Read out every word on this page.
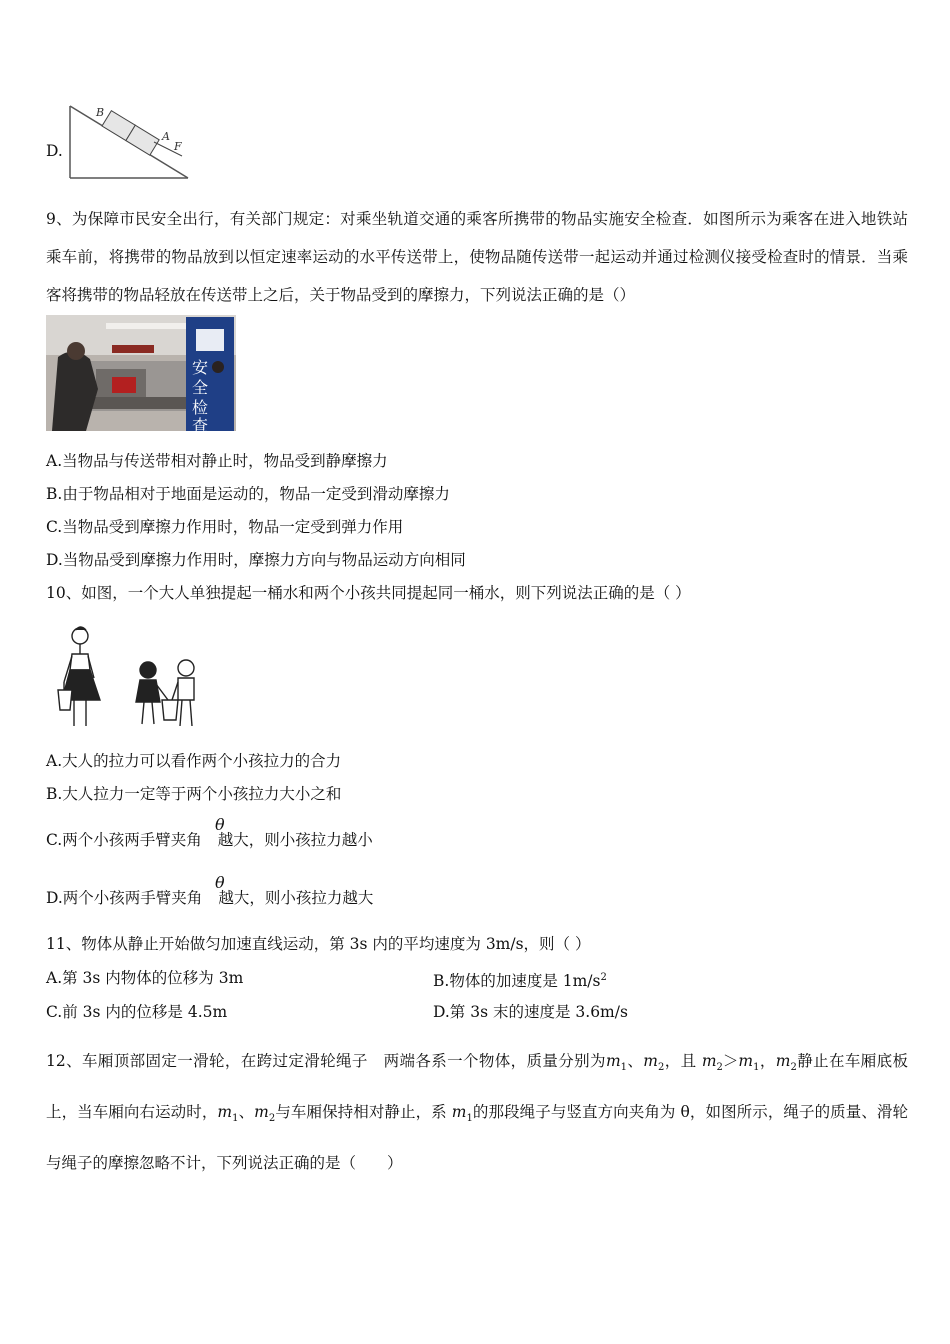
D.
B
A
F
9、为保障市民安全出行，有关部门规定：对乘坐轨道交通的乘客所携带的物品实施安全检查．如图所示为乘客在进入地铁站乘车前，将携带的物品放到以恒定速率运动的水平传送带上，使物品随传送带一起运动并通过检测仪接受检查时的情景．当乘客将携带的物品轻放在传送带上之后，关于物品受到的摩擦力，下列说法正确的是（）
安
全
检
查
A.当物品与传送带相对静止时，物品受到静摩擦力
B.由于物品相对于地面是运动的，物品一定受到滑动摩擦力
C.当物品受到摩擦力作用时，物品一定受到弹力作用
D.当物品受到摩擦力作用时，摩擦力方向与物品运动方向相同
10、如图，一个大人单独提起一桶水和两个小孩共同提起同一桶水，则下列说法正确的是（ ）
A.大人的拉力可以看作两个小孩拉力的合力
B.大人拉力一定等于两个小孩拉力大小之和
C.两个小孩两手臂夹角 越大，则小孩拉力越小
θ
D.两个小孩两手臂夹角 越大，则小孩拉力越大
θ
11、物体从静止开始做匀加速直线运动，第 3s 内的平均速度为 3m/s，则（ ）
A.第 3s 内物体的位移为 3m	B.物体的加速度是 $1m/s^2$
C.前 3s 内的位移是 4.5m	D.第 3s 末的速度是 3.6m/s
12、车厢顶部固定一滑轮，在跨过定滑轮绳子　两端各系一个物体，质量分别为$m_1$、$m_2$，且 $m_2>m_1$，$m_2$静止在车厢底板上，当车厢向右运动时，$m_1$、$m_2$与车厢保持相对静止，系 $m_1$的那段绳子与竖直方向夹角为 θ，如图所示，绳子的质量、滑轮与绳子的摩擦忽略不计，下列说法正确的是（　　）
